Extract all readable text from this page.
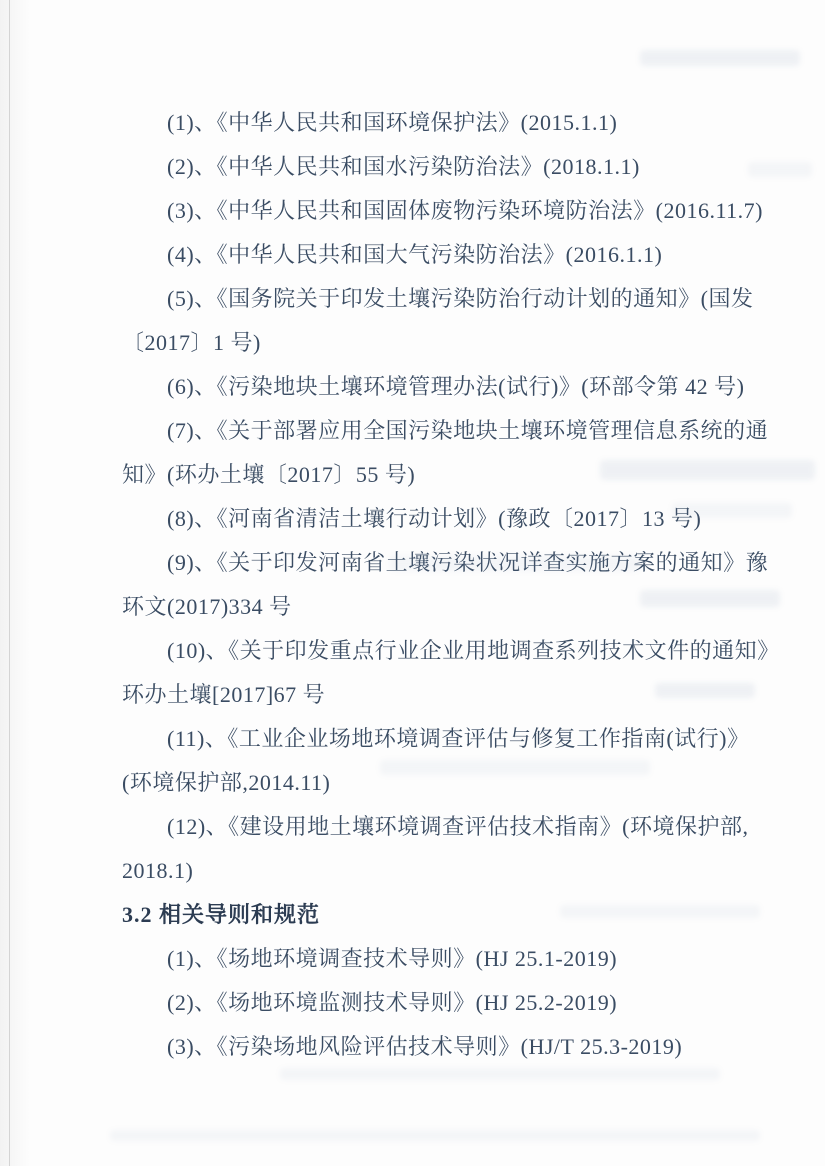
(1)、《中华人民共和国环境保护法》(2015.1.1)

(2)、《中华人民共和国水污染防治法》(2018.1.1)

(3)、《中华人民共和国固体废物污染环境防治法》(2016.11.7)

(4)、《中华人民共和国大气污染防治法》(2016.1.1)

(5)、《国务院关于印发土壤污染防治行动计划的通知》(国发

〔2017〕1 号)

(6)、《污染地块土壤环境管理办法(试行)》(环部令第 42 号)

(7)、《关于部署应用全国污染地块土壤环境管理信息系统的通

知》(环办土壤〔2017〕55 号)

(8)、《河南省清洁土壤行动计划》(豫政〔2017〕13 号)

(9)、《关于印发河南省土壤污染状况详查实施方案的通知》豫

环文(2017)334 号

(10)、《关于印发重点行业企业用地调查系列技术文件的通知》

环办土壤[2017]67 号

(11)、《工业企业场地环境调查评估与修复工作指南(试行)》

(环境保护部,2014.11)

(12)、《建设用地土壤环境调查评估技术指南》(环境保护部,

2018.1)

3.2 相关导则和规范

(1)、《场地环境调查技术导则》(HJ 25.1-2019)

(2)、《场地环境监测技术导则》(HJ 25.2-2019)

(3)、《污染场地风险评估技术导则》(HJ/T 25.3-2019)
